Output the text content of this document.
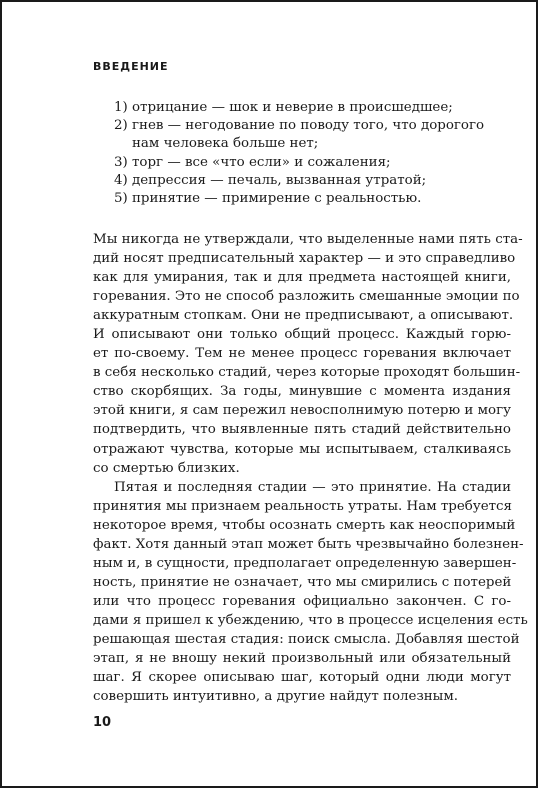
ВВЕДЕНИЕ
1) отрицание — шок и неверие в происшедшее;
2) гнев — негодование по поводу того, что дорогого
нам человека больше нет;
3) торг — все «что если» и сожаления;
4) депрессия — печаль, вызванная утратой;
5) принятие — примирение с реальностью.
Мы никогда не утверждали, что выделенные нами пять ста-
дий носят предписательный характер — и это справедливо
как для умирания, так и для предмета настоящей книги,
горевания. Это не способ разложить смешанные эмоции по
аккуратным стопкам. Они не предписывают, а описывают.
И описывают они только общий процесс. Каждый горю-
ет по-своему. Тем не менее процесс горевания включает
в себя несколько стадий, через которые проходят большин-
ство скорбящих. За годы, минувшие с момента издания
этой книги, я сам пережил невосполнимую потерю и могу
подтвердить, что выявленные пять стадий действительно
отражают чувства, которые мы испытываем, сталкиваясь
со смертью близких.
Пятая и последняя стадии — это принятие. На стадии
принятия мы признаем реальность утраты. Нам требуется
некоторое время, чтобы осознать смерть как неоспоримый
факт. Хотя данный этап может быть чрезвычайно болезнен-
ным и, в сущности, предполагает определенную завершен-
ность, принятие не означает, что мы смирились с потерей
или что процесс горевания официально закончен. С го-
дами я пришел к убеждению, что в процессе исцеления есть
решающая шестая стадия: поиск смысла. Добавляя шестой
этап, я не вношу некий произвольный или обязательный
шаг. Я скорее описываю шаг, который одни люди могут
совершить интуитивно, а другие найдут полезным.
10
